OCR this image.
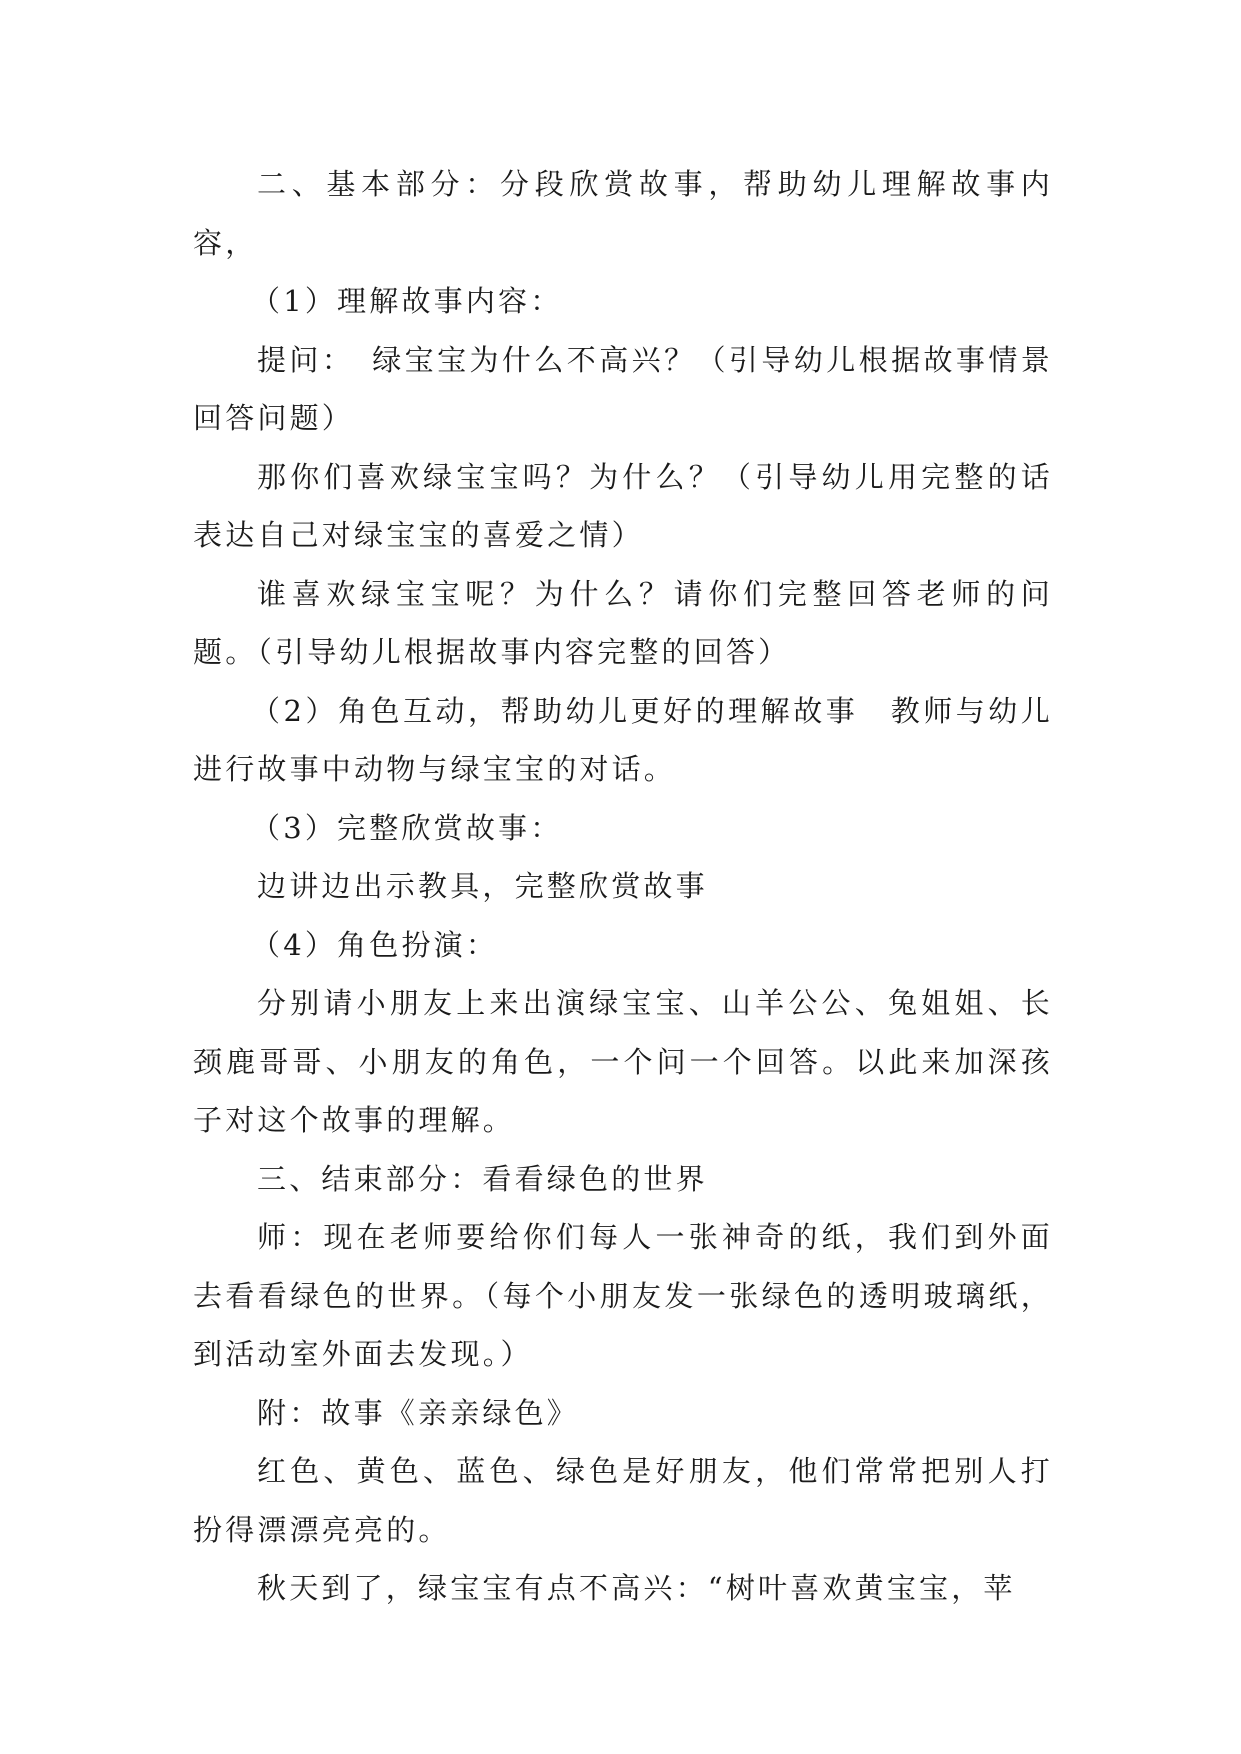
二、基本部分：分段欣赏故事，帮助幼儿理解故事内容，

（1）理解故事内容：

提问：　绿宝宝为什么不高兴？（引导幼儿根据故事情景回答问题）

那你们喜欢绿宝宝吗？为什么？（引导幼儿用完整的话表达自己对绿宝宝的喜爱之情）

谁喜欢绿宝宝呢？为什么？请你们完整回答老师的问题。（引导幼儿根据故事内容完整的回答）

（2）角色互动，帮助幼儿更好的理解故事　教师与幼儿进行故事中动物与绿宝宝的对话。

（3）完整欣赏故事：

边讲边出示教具，完整欣赏故事

（4）角色扮演：

分别请小朋友上来出演绿宝宝、山羊公公、兔姐姐、长颈鹿哥哥、小朋友的角色，一个问一个回答。以此来加深孩子对这个故事的理解。

三、结束部分：看看绿色的世界

师：现在老师要给你们每人一张神奇的纸，我们到外面去看看绿色的世界。（每个小朋友发一张绿色的透明玻璃纸，到活动室外面去发现。）

附：故事《亲亲绿色》

红色、黄色、蓝色、绿色是好朋友，他们常常把别人打扮得漂漂亮亮的。

秋天到了，绿宝宝有点不高兴：“树叶喜欢黄宝宝，苹
